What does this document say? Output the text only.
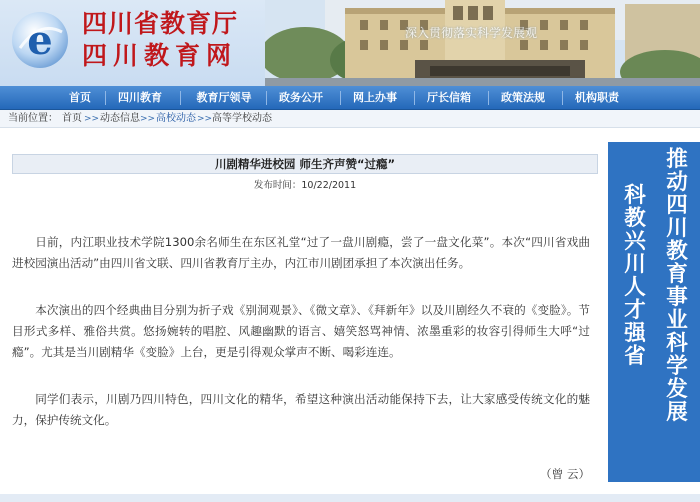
e 四川省教育厅
四川教育网
深入贯彻落实科学发展观
首页	四川教育	教育厅领导	政务公开	网上办事	厅长信箱	政策法规	机构职责
当前位置： 首页 >> 动态信息 >> 高校动态 >> 高等学校动态
川剧精华进校园 师生齐声赞“过瘾”
发布时间：10/22/2011
日前，内江职业技术学院1300余名师生在东区礼堂“过了一盘川剧瘾，尝了一盘文化菜”。本次“四川省戏曲进校园演出活动”由四川省文联、四川省教育厅主办，内江市川剧团承担了本次演出任务。
本次演出的四个经典曲目分别为折子戏《别洞观景》、《微文章》、《拜新年》以及川剧经久不衰的《变脸》。节目形式多样、雅俗共赏。悠扬婉转的唱腔、风趣幽默的语言、嬉笑怒骂神情、浓墨重彩的妆容引得师生大呼“过瘾”。尤其是当川剧精华《变脸》上台，更是引得观众掌声不断、喝彩连连。
同学们表示，川剧乃四川特色，四川文化的精华，希望这种演出活动能保持下去，让大家感受传统文化的魅力，保护传统文化。
（曾 云）
推动四川教育事业科学发展
科教兴川 人才强省
